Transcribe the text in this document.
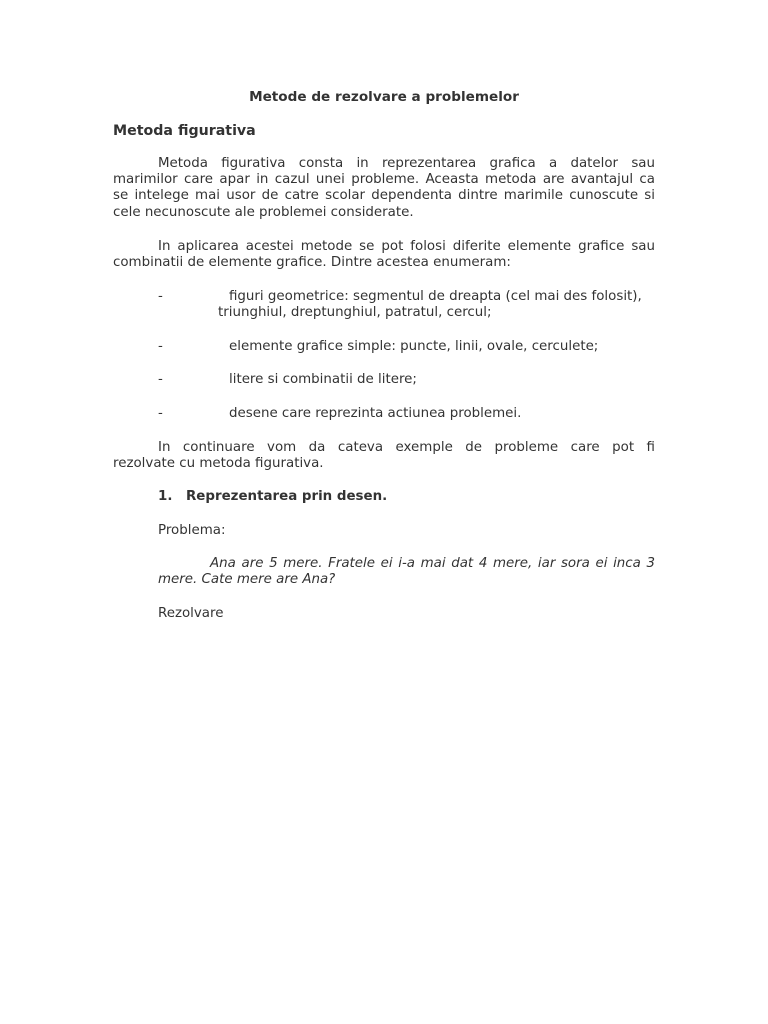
Metode de rezolvare a problemelor
Metoda figurativa
Metoda figurativa consta in reprezentarea grafica a datelor sau
marimilor care apar in cazul unei probleme. Aceasta metoda are avantajul ca
se intelege mai usor de catre scolar dependenta dintre marimile cunoscute si
cele necunoscute ale problemei considerate.
In aplicarea acestei metode se pot folosi diferite elemente grafice sau
combinatii de elemente grafice. Dintre acestea enumeram:
-	figuri geometrice: segmentul de dreapta (cel mai des folosit),
triunghiul, dreptunghiul, patratul, cercul;
-	elemente grafice simple: puncte, linii, ovale, cerculete;
-	litere si combinatii de litere;
-	desene care reprezinta actiunea problemei.
In continuare vom da cateva exemple de probleme care pot fi
rezolvate cu metoda figurativa.
1. Reprezentarea prin desen.
Problema:
Ana are 5 mere. Fratele ei i-a mai dat 4 mere, iar sora ei inca 3
mere. Cate mere are Ana?
Rezolvare
